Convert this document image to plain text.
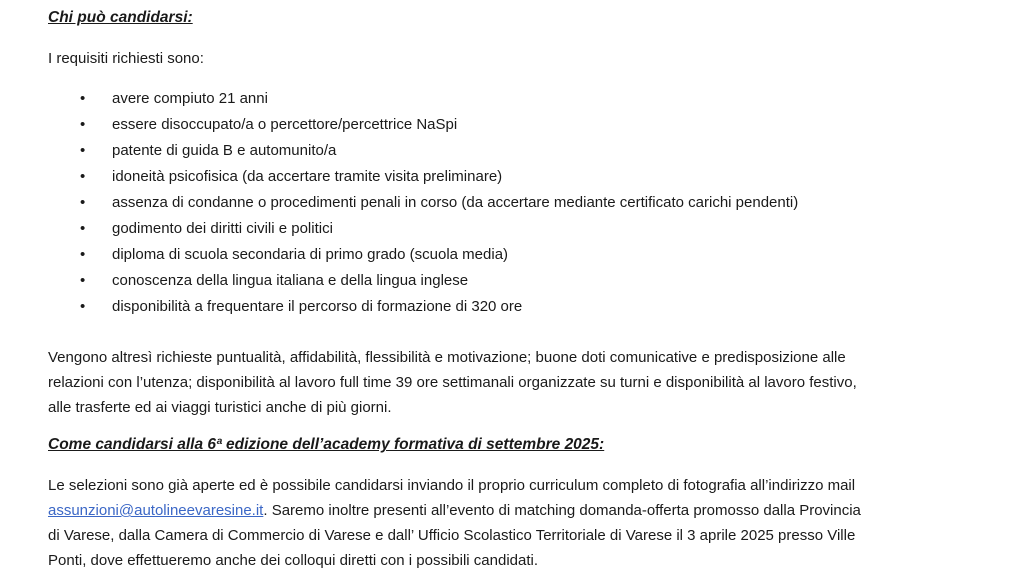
Chi può candidarsi:
I requisiti richiesti sono:
• avere compiuto 21 anni
• essere disoccupato/a o percettore/percettrice NaSpi
• patente di guida B e automunito/a
• idoneità psicofisica (da accertare tramite visita preliminare)
• assenza di condanne o procedimenti penali in corso (da accertare mediante certificato carichi pendenti)
• godimento dei diritti civili e politici
• diploma di scuola secondaria di primo grado (scuola media)
• conoscenza della lingua italiana e della lingua inglese
• disponibilità a frequentare il percorso di formazione di 320 ore
Vengono altresì richieste puntualità, affidabilità, flessibilità e motivazione; buone doti comunicative e predisposizione alle
relazioni con l’utenza; disponibilità al lavoro full time 39 ore settimanali organizzate su turni e disponibilità al lavoro festivo,
alle trasferte ed ai viaggi turistici anche di più giorni.
Come candidarsi alla 6ª edizione dell’academy formativa di settembre 2025:
Le selezioni sono già aperte ed è possibile candidarsi inviando il proprio curriculum completo di fotografia all’indirizzo mail
assunzioni@autolineevaresine.it. Saremo inoltre presenti all’evento di matching domanda-offerta promosso dalla Provincia
di Varese, dalla Camera di Commercio di Varese e dall’ Ufficio Scolastico Territoriale di Varese il 3 aprile 2025 presso Ville
Ponti, dove effettueremo anche dei colloqui diretti con i possibili candidati.
